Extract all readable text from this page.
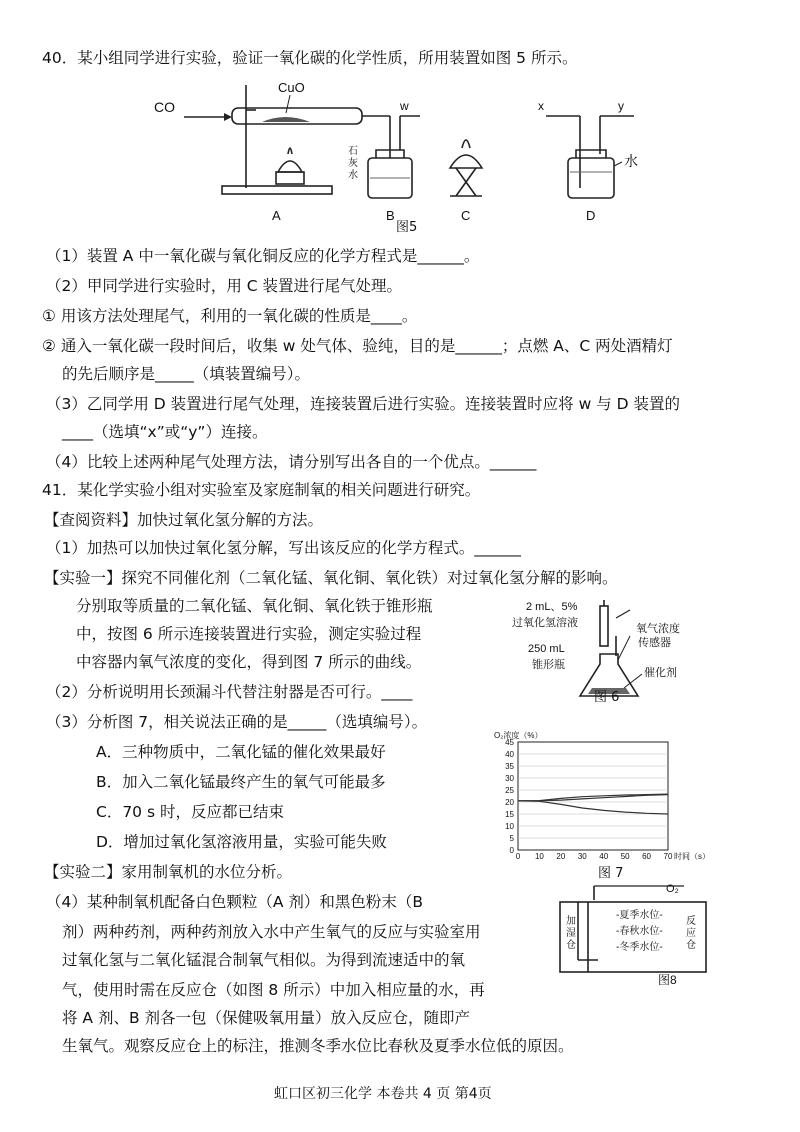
40．某小组同学进行实验，验证一氧化碳的化学性质，所用装置如图 5 所示。
CO
CuO
w
A
石
灰
水
B	C
x	y
水
D
图5
（1）装置 A 中一氧化碳与氧化铜反应的化学方程式是______。
（2）甲同学进行实验时，用 C 装置进行尾气处理。
① 用该方法处理尾气，利用的一氧化碳的性质是____。
② 通入一氧化碳一段时间后，收集 w 处气体、验纯，目的是______；点燃 A、C 两处酒精灯
的先后顺序是_____（填装置编号）。
（3）乙同学用 D 装置进行尾气处理，连接装置后进行实验。连接装置时应将 w 与 D 装置的
____（选填“x”或“y”）连接。
（4）比较上述两种尾气处理方法，请分别写出各自的一个优点。______
41．某化学实验小组对实验室及家庭制氧的相关问题进行研究。
【查阅资料】加快过氧化氢分解的方法。
（1）加热可以加快过氧化氢分解，写出该反应的化学方程式。______
【实验一】探究不同催化剂（二氧化锰、氧化铜、氧化铁）对过氧化氢分解的影响。
分别取等质量的二氧化锰、氧化铜、氧化铁于锥形瓶
中，按图 6 所示连接装置进行实验，测定实验过程
中容器内氧气浓度的变化，得到图 7 所示的曲线。
（2）分析说明用长颈漏斗代替注射器是否可行。____
（3）分析图 7，相关说法正确的是_____（选填编号）。
A．三种物质中，二氧化锰的催化效果最好
B．加入二氧化锰最终产生的氧气可能最多
C．70 s 时，反应都已结束
D．增加过氧化氢溶液用量，实验可能失败
【实验二】家用制氧机的水位分析。
（4）某种制氧机配备白色颗粒（A 剂）和黑色粉末（B
剂）两种药剂，两种药剂放入水中产生氧气的反应与实验室用
过氧化氢与二氧化锰混合制氧气相似。为得到流速适中的氧
气，使用时需在反应仓（如图 8 所示）中加入相应量的水，再
将 A 剂、B 剂各一包（保健吸氧用量）放入反应仓，随即产
生氧气。观察反应仓上的标注，推测冬季水位比春秋及夏季水位低的原因。
2 mL、5%
过氧化氢溶液	氧气浓度
传感器
250 mL
锥形瓶
催化剂
图 6
O₂浓度（%）
时间（s）
0
5
10
15
20
25
30
35
40
45
0 10 20 30 40 50 60 70
图 7
O₂
加
湿
仓
反
应
仓
-夏季水位-
-春秋水位-
-冬季水位-
图8
虹口区初三化学 本卷共 4 页 第4页
